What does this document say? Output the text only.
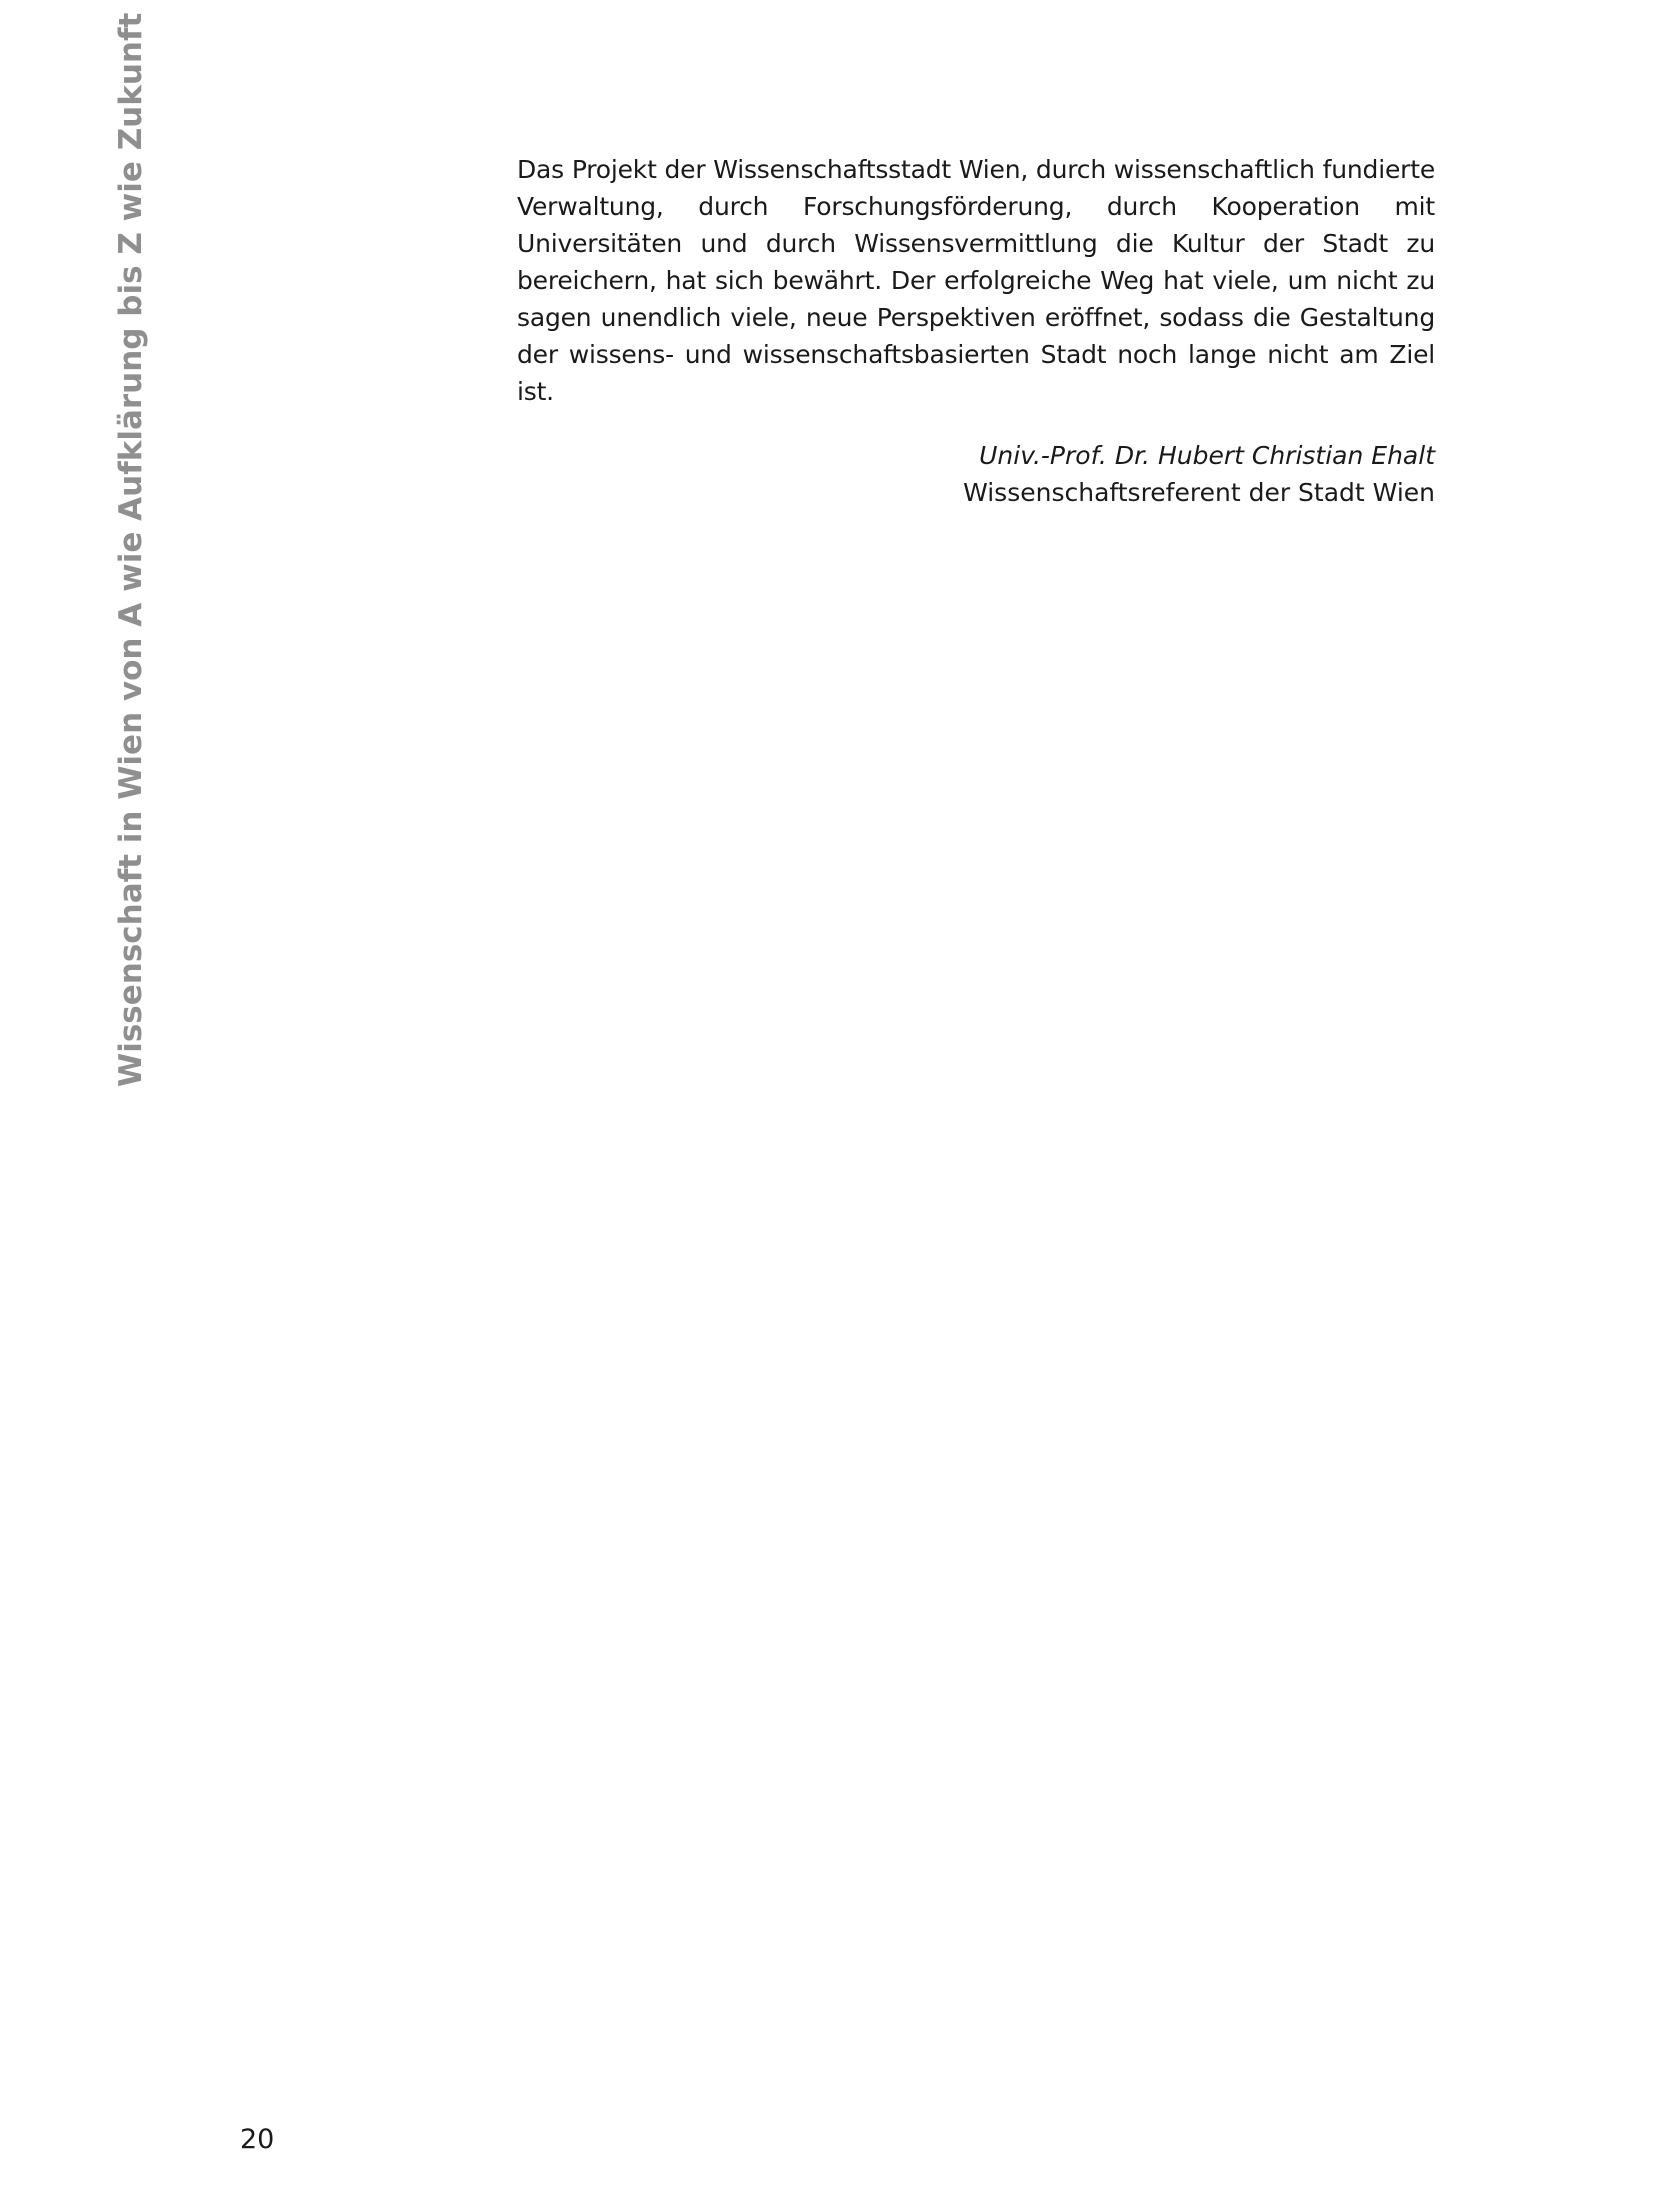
Wissenschaft in Wien von A wie Aufklärung bis Z wie Zukunft	Das Projekt der Wissenschaftsstadt Wien, durch wissenschaftlich fundierte Verwaltung, durch Forschungsförderung, durch Kooperation mit Universitäten und durch Wissensvermittlung die Kultur der Stadt zu bereichern, hat sich bewährt. Der erfolgreiche Weg hat viele, um nicht zu sagen unendlich viele, neue Perspektiven eröffnet, sodass die Gestaltung der wissens- und wissenschaftsbasierten Stadt noch lange nicht am Ziel ist.

Univ.-Prof. Dr. Hubert Christian Ehalt
Wissenschaftsreferent der Stadt Wien
20
